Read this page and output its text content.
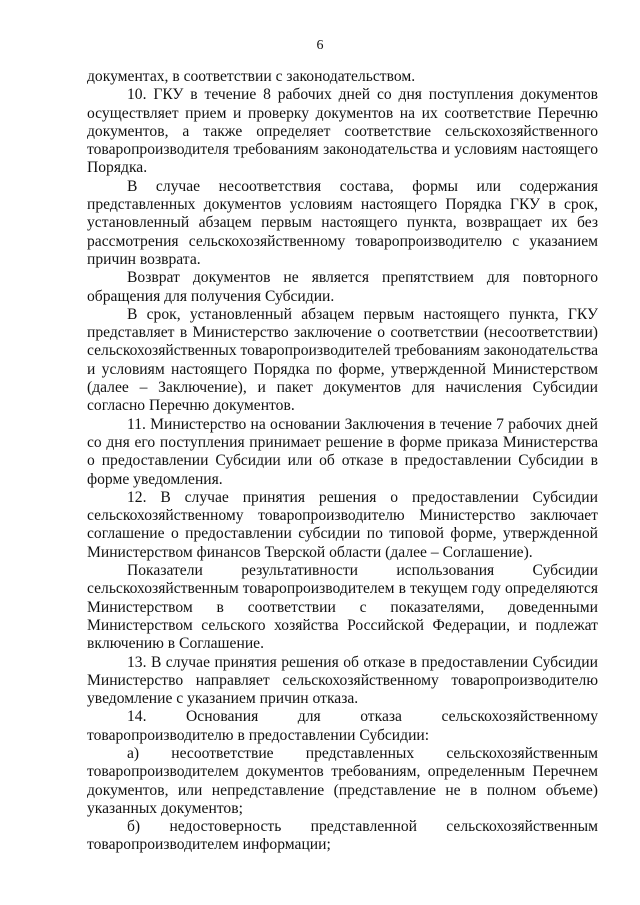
6

документах, в соответствии с законодательством.

10. ГКУ в течение 8 рабочих дней со дня поступления документов осуществляет прием и проверку документов на их соответствие Перечню документов, а также определяет соответствие сельскохозяйственного товаропроизводителя требованиям законодательства и условиям настоящего Порядка.

В случае несоответствия состава, формы или содержания представленных документов условиям настоящего Порядка ГКУ в срок, установленный абзацем первым настоящего пункта, возвращает их без рассмотрения сельскохозяйственному товаропроизводителю с указанием причин возврата.

Возврат документов не является препятствием для повторного обращения для получения Субсидии.

В срок, установленный абзацем первым настоящего пункта, ГКУ представляет в Министерство заключение о соответствии (несоответствии) сельскохозяйственных товаропроизводителей требованиям законодательства и условиям настоящего Порядка по форме, утвержденной Министерством (далее – Заключение), и пакет документов для начисления Субсидии согласно Перечню документов.

11. Министерство на основании Заключения в течение 7 рабочих дней со дня его поступления принимает решение в форме приказа Министерства о предоставлении Субсидии или об отказе в предоставлении Субсидии в форме уведомления.

12. В случае принятия решения о предоставлении Субсидии сельскохозяйственному товаропроизводителю Министерство заключает соглашение о предоставлении субсидии по типовой форме, утвержденной Министерством финансов Тверской области (далее – Соглашение).

Показатели результативности использования Субсидии сельскохозяйственным товаропроизводителем в текущем году определяются Министерством в соответствии с показателями, доведенными Министерством сельского хозяйства Российской Федерации, и подлежат включению в Соглашение.

13. В случае принятия решения об отказе в предоставлении Субсидии Министерство направляет сельскохозяйственному товаропроизводителю уведомление с указанием причин отказа.

14. Основания для отказа сельскохозяйственному товаропроизводителю в предоставлении Субсидии:

а) несоответствие представленных сельскохозяйственным товаропроизводителем документов требованиям, определенным Перечнем документов, или непредставление (представление не в полном объеме) указанных документов;

б) недостоверность представленной сельскохозяйственным товаропроизводителем информации;
